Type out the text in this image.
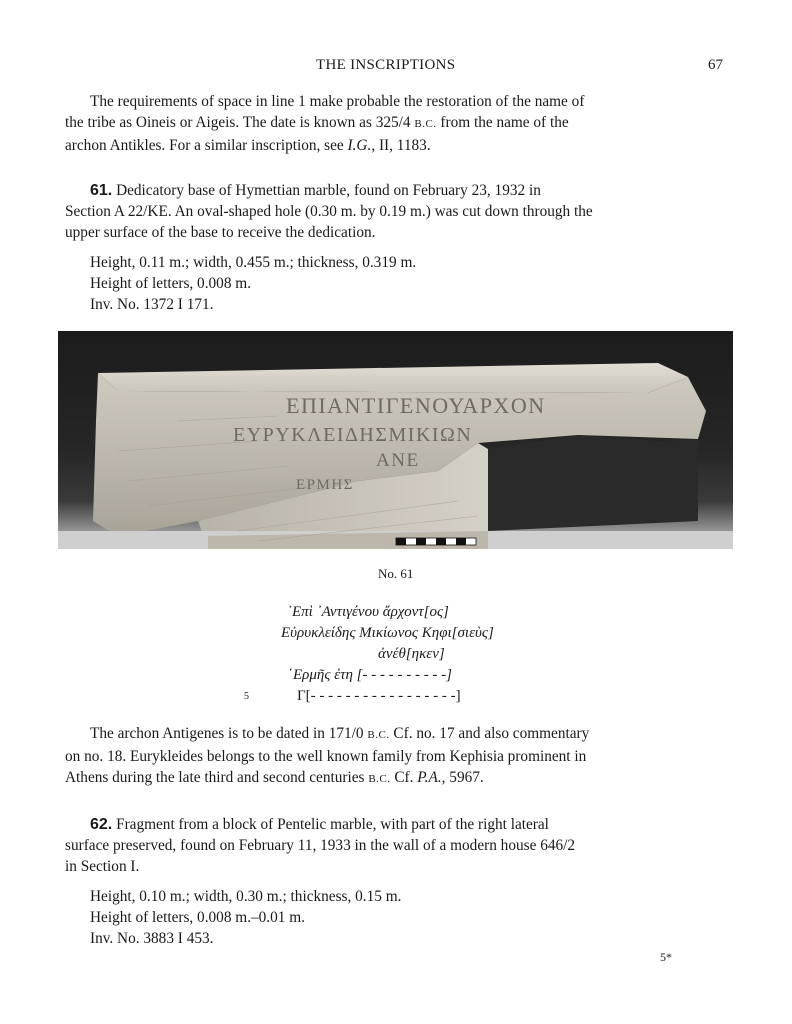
THE INSCRIPTIONS	67
The requirements of space in line 1 make probable the restoration of the name of
the tribe as Oineis or Aigeis. The date is known as 325/4 B.C. from the name of the
archon Antikles. For a similar inscription, see I.G., II, 1183.
61. Dedicatory base of Hymettian marble, found on February 23, 1932 in
Section A 22/KE. An oval-shaped hole (0.30 m. by 0.19 m.) was cut down through the
upper surface of the base to receive the dedication.
Height, 0.11 m.; width, 0.455 m.; thickness, 0.319 m.
Height of letters, 0.008 m.
Inv. No. 1372 I 171.
ΕΠΙΑΝΤΙΓΕΝΟΥΑΡΧΟΝ
ΕΥΡΥΚΛΕΙΔΗΣΜΙΚΙΩΝ
ΑΝΕ
ΕΡΜΗΣ
No. 61
᾿Επὶ ᾿Αντιγένου ἄρχοντ[ος]
Εὐρυκλείδης Μικίωνος Κηφι[σιεὺς]
ἀνέθ[ηκεν]
῾Ερμῆς ἐτη [- - - - - - - - - -]
Γ[- - - - - - - - - - - - - - - - -]
5
The archon Antigenes is to be dated in 171/0 B.C. Cf. no. 17 and also commentary
on no. 18. Eurykleides belongs to the well known family from Kephisia prominent in
Athens during the late third and second centuries B.C. Cf. P.A., 5967.
62. Fragment from a block of Pentelic marble, with part of the right lateral
surface preserved, found on February 11, 1933 in the wall of a modern house 646/2
in Section Ι.
Height, 0.10 m.; width, 0.30 m.; thickness, 0.15 m.
Height of letters, 0.008 m.–0.01 m.
Inv. No. 3883 I 453.
5*
